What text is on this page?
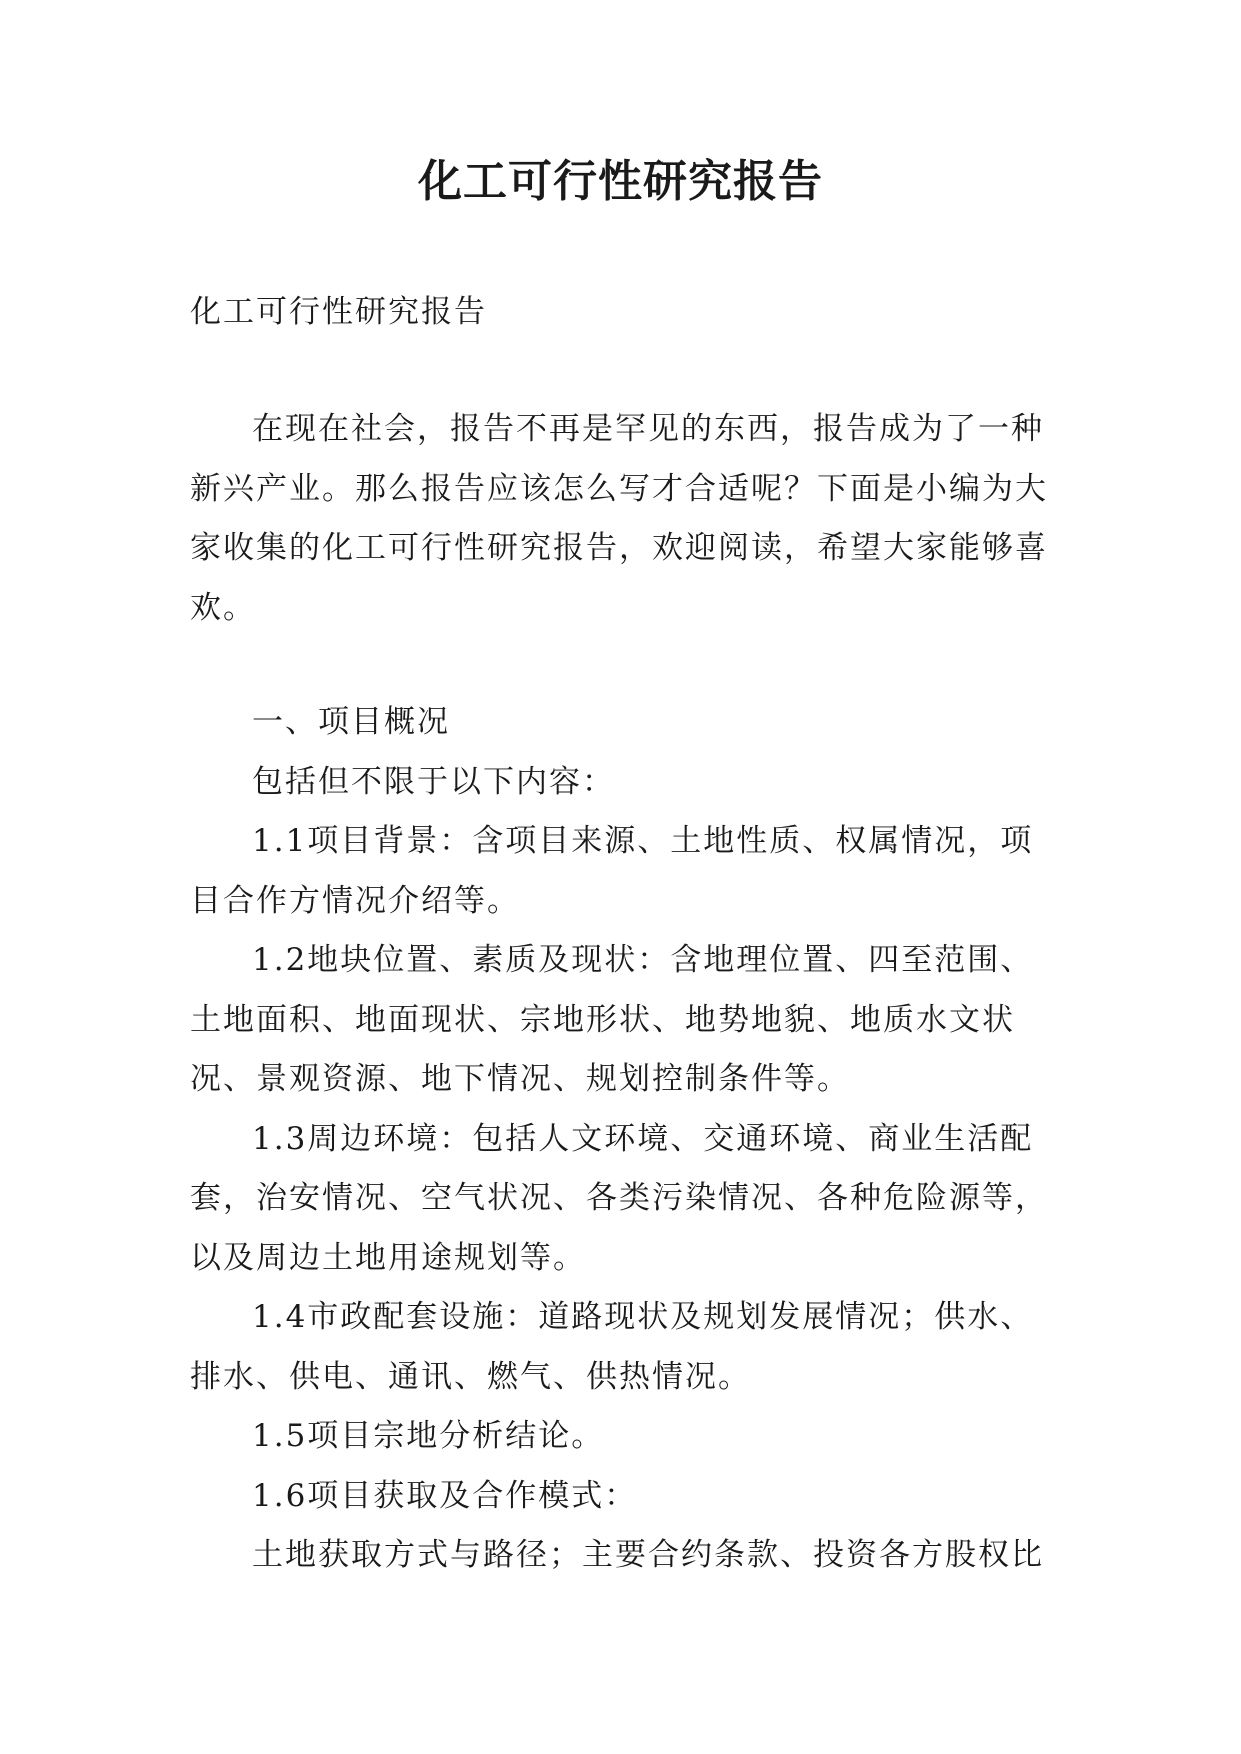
化工可行性研究报告
化工可行性研究报告

在现在社会，报告不再是罕见的东西，报告成为了一种新兴产业。那么报告应该怎么写才合适呢？下面是小编为大家收集的化工可行性研究报告，欢迎阅读，希望大家能够喜欢。

一、项目概况

包括但不限于以下内容：

1.1项目背景：含项目来源、土地性质、权属情况，项目合作方情况介绍等。

1.2地块位置、素质及现状：含地理位置、四至范围、土地面积、地面现状、宗地形状、地势地貌、地质水文状况、景观资源、地下情况、规划控制条件等。

1.3周边环境：包括人文环境、交通环境、商业生活配套，治安情况、空气状况、各类污染情况、各种危险源等，以及周边土地用途规划等。

1.4市政配套设施：道路现状及规划发展情况；供水、排水、供电、通讯、燃气、供热情况。

1.5项目宗地分析结论。

1.6项目获取及合作模式：

土地获取方式与路径；主要合约条款、投资各方股权比
